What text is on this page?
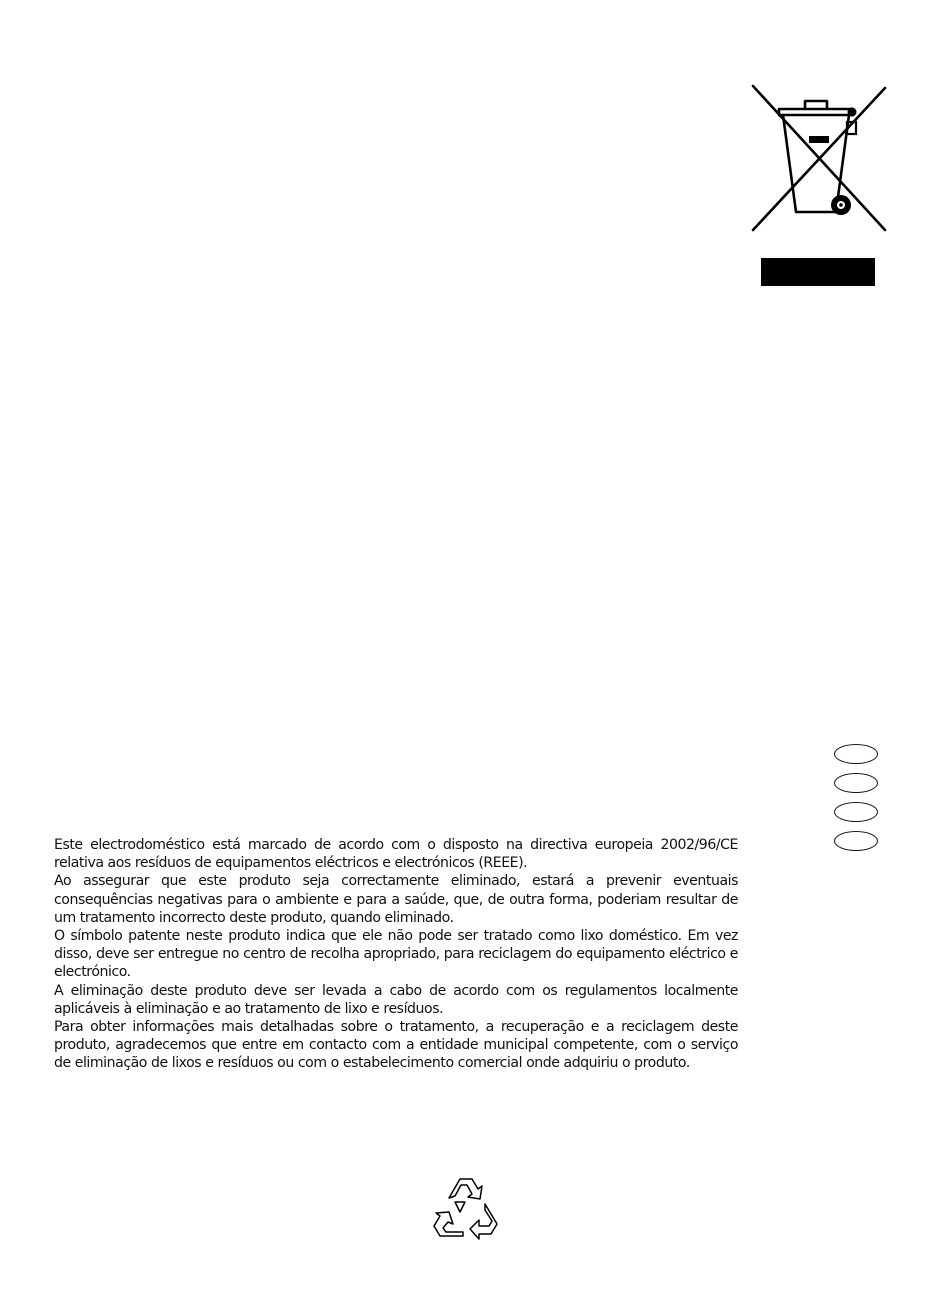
Este electrodoméstico está marcado de acordo com o disposto na directiva europeia 2002/96/CE relativa aos resíduos de equipamentos eléctricos e electrónicos (REEE).

Ao assegurar que este produto seja correctamente eliminado, estará a prevenir eventuais consequências negativas para o ambiente e para a saúde, que, de outra forma, poderiam resultar de um tratamento incorrecto deste produto, quando eliminado.

O símbolo patente neste produto indica que ele não pode ser tratado como lixo doméstico. Em vez disso, deve ser entregue no centro de recolha apropriado, para reciclagem do equipamento eléctrico e electrónico.

A eliminação deste produto deve ser levada a cabo de acordo com os regulamentos localmente aplicáveis à eliminação e ao tratamento de lixo e resíduos.

Para obter informações mais detalhadas sobre o tratamento, a recuperação e a reciclagem deste produto, agradecemos que entre em contacto com a entidade municipal competente, com o serviço de eliminação de lixos e resíduos ou com o estabelecimento comercial onde adquiriu o produto.
